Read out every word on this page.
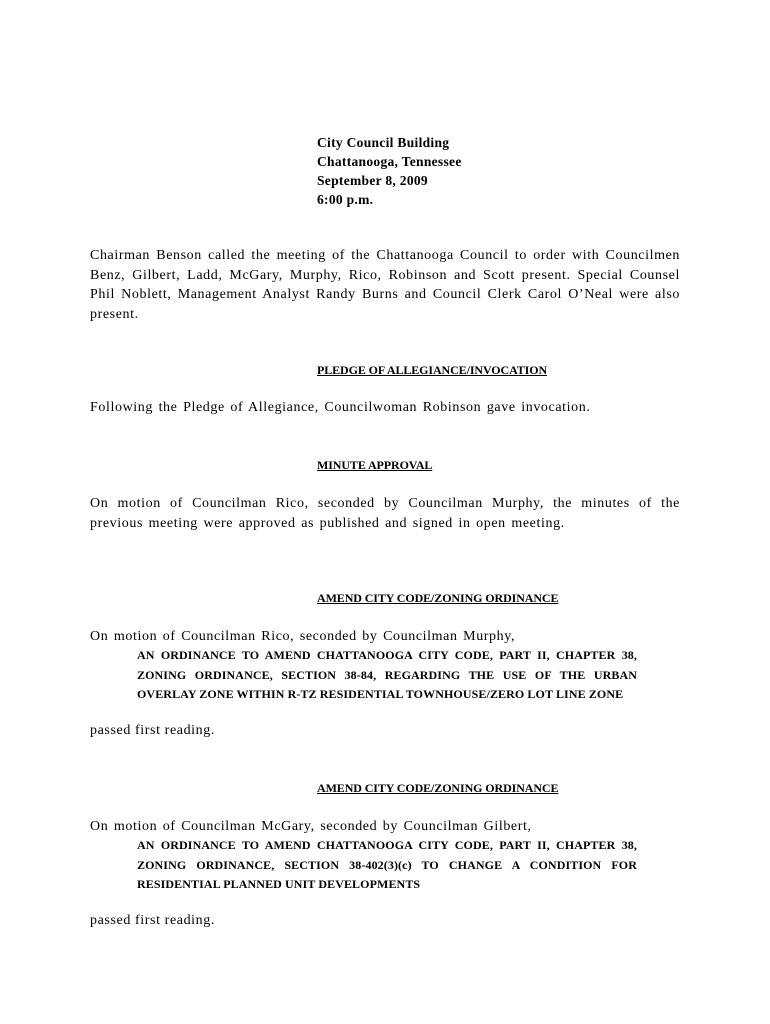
City Council Building
Chattanooga, Tennessee
September 8, 2009
6:00 p.m.
Chairman Benson called the meeting of the Chattanooga Council to order with Councilmen Benz, Gilbert, Ladd, McGary, Murphy, Rico, Robinson and Scott present. Special Counsel Phil Noblett, Management Analyst Randy Burns and Council Clerk Carol O’Neal were also present.
PLEDGE OF ALLEGIANCE/INVOCATION
Following the Pledge of Allegiance, Councilwoman Robinson gave invocation.
MINUTE APPROVAL
On motion of Councilman Rico, seconded by Councilman Murphy, the minutes of the previous meeting were approved as published and signed in open meeting.
AMEND CITY CODE/ZONING ORDINANCE
On motion of Councilman Rico, seconded by Councilman Murphy,
AN ORDINANCE TO AMEND CHATTANOOGA CITY CODE, PART II, CHAPTER 38, ZONING ORDINANCE, SECTION 38-84, REGARDING THE USE OF THE URBAN OVERLAY ZONE WITHIN R-TZ RESIDENTIAL TOWNHOUSE/ZERO LOT LINE ZONE
passed first reading.
AMEND CITY CODE/ZONING ORDINANCE
On motion of Councilman McGary, seconded by Councilman Gilbert,
AN ORDINANCE TO AMEND CHATTANOOGA CITY CODE, PART II, CHAPTER 38, ZONING ORDINANCE, SECTION 38-402(3)(c) TO CHANGE A CONDITION FOR RESIDENTIAL PLANNED UNIT DEVELOPMENTS
passed first reading.
